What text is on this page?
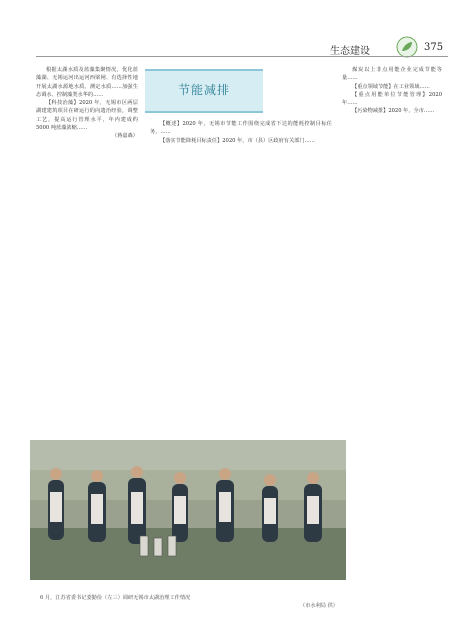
生态建设	375
节能减排

根据太湖水质及蓝藻集聚情况，优化蓝藻湖、无锡运河出运河西梁闸、有选择性地开展太湖水源地水质、测定水质……加强生态调水、控制藻类水华的……

【科技治藻】2020 年，无锡市区两层湖建建筑项目在研运行的向遗治经验，调整工艺，提高运行管理水平，年内建成约 5000 吨蓝藻浓缩……

（蒋嘉森）

【概述】2020 年，无锡市节能工作围绕完成省下达的能耗控制目标任务，……

【落实节能降耗目标责任】2020 年，市（县）区政府有关部门……

煤炭以上非点用能企业完成节能等量……

【重点领域节能】在工业领域……

【重点用能单位节能管理】2020 年……

【污染物减排】2020 年，全市……

6 月，江苏省委书记娄勤俭（左三）调研无锡市太湖治理工作情况
（市水利局 供）
